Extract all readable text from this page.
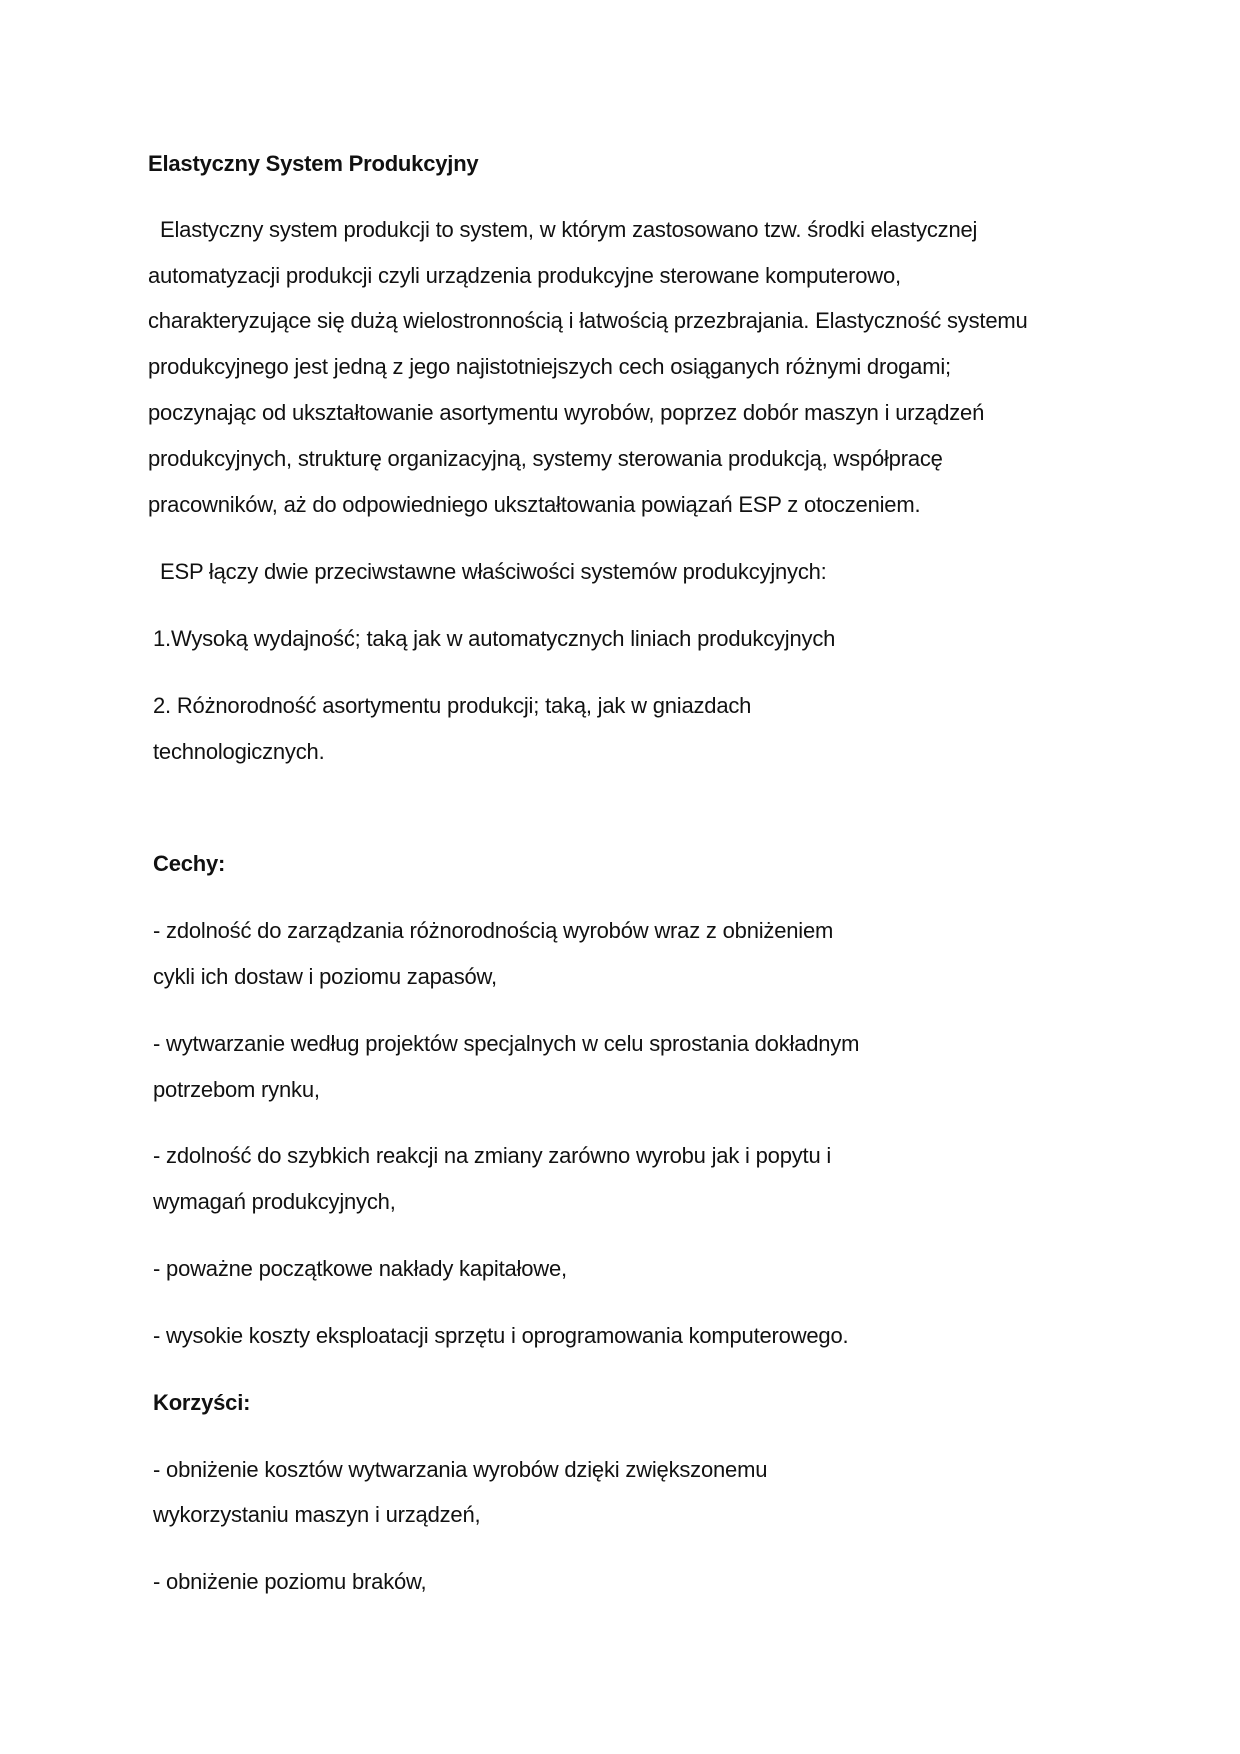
Elastyczny System Produkcyjny
Elastyczny system produkcji to system, w którym zastosowano tzw. środki elastycznej
automatyzacji produkcji czyli urządzenia produkcyjne sterowane komputerowo,
charakteryzujące się dużą wielostronnością i łatwością przezbrajania. Elastyczność systemu
produkcyjnego jest jedną z jego najistotniejszych cech osiąganych różnymi drogami;
poczynając od ukształtowanie asortymentu wyrobów, poprzez dobór maszyn i urządzeń
produkcyjnych, strukturę organizacyjną, systemy sterowania produkcją, współpracę
pracowników, aż do odpowiedniego ukształtowania powiązań ESP z otoczeniem.
ESP łączy dwie przeciwstawne właściwości systemów produkcyjnych:
1.Wysoką wydajność; taką jak w automatycznych liniach produkcyjnych
2. Różnorodność asortymentu produkcji; taką, jak w gniazdach
technologicznych.
Cechy:
- zdolność do zarządzania różnorodnością wyrobów wraz z obniżeniem
cykli ich dostaw i poziomu zapasów,
- wytwarzanie według projektów specjalnych w celu sprostania dokładnym
potrzebom rynku,
- zdolność do szybkich reakcji na zmiany zarówno wyrobu jak i popytu i
wymagań produkcyjnych,
- poważne początkowe nakłady kapitałowe,
- wysokie koszty eksploatacji sprzętu i oprogramowania komputerowego.
Korzyści:
- obniżenie kosztów wytwarzania wyrobów dzięki zwiększonemu
wykorzystaniu maszyn i urządzeń,
- obniżenie poziomu braków,
